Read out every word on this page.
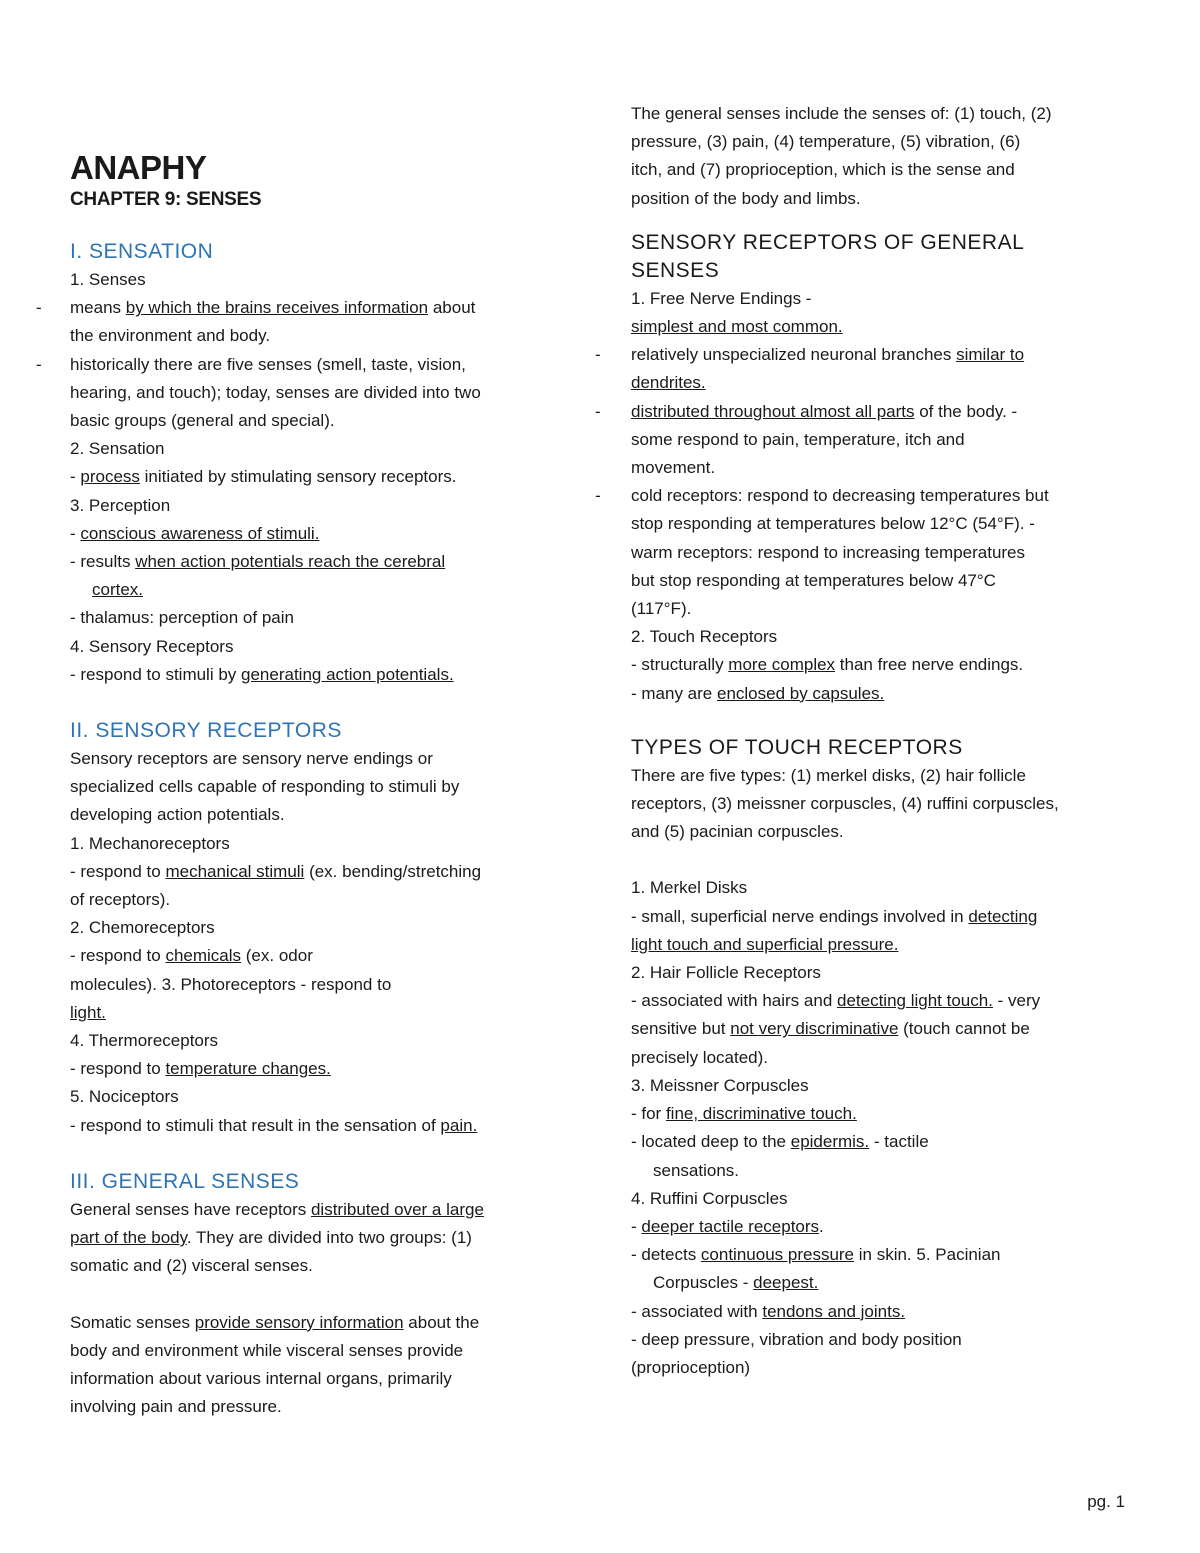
ANAPHY
CHAPTER 9: SENSES
I. SENSATION
1. Senses
- means by which the brains receives information about
the environment and body.
- historically there are five senses (smell, taste, vision,
hearing, and touch); today, senses are divided into two
basic groups (general and special).
2. Sensation
- process initiated by stimulating sensory receptors.
3. Perception
- conscious awareness of stimuli.
- results when action potentials reach the cerebral
cortex.
- thalamus: perception of pain
4. Sensory Receptors
- respond to stimuli by generating action potentials.
II. SENSORY RECEPTORS
Sensory receptors are sensory nerve endings or
specialized cells capable of responding to stimuli by
developing action potentials.
1. Mechanoreceptors
- respond to mechanical stimuli (ex. bending/stretching
of receptors).
2. Chemoreceptors
- respond to chemicals (ex. odor
molecules). 3. Photoreceptors - respond to
light.
4. Thermoreceptors
- respond to temperature changes.
5. Nociceptors
- respond to stimuli that result in the sensation of pain.
III. GENERAL SENSES
General senses have receptors distributed over a large
part of the body. They are divided into two groups: (1)
somatic and (2) visceral senses.
Somatic senses provide sensory information about the
body and environment while visceral senses provide
information about various internal organs, primarily
involving pain and pressure.
The general senses include the senses of: (1) touch, (2)
pressure, (3) pain, (4) temperature, (5) vibration, (6)
itch, and (7) proprioception, which is the sense and
position of the body and limbs.
SENSORY RECEPTORS OF GENERAL
SENSES
1. Free Nerve Endings -
simplest and most common.
- relatively unspecialized neuronal branches similar to
dendrites.
- distributed throughout almost all parts of the body. -
some respond to pain, temperature, itch and
movement.
- cold receptors: respond to decreasing temperatures but
stop responding at temperatures below 12°C (54°F). -
warm receptors: respond to increasing temperatures
but stop responding at temperatures below 47°C
(117°F).
2. Touch Receptors
- structurally more complex than free nerve endings.
- many are enclosed by capsules.
TYPES OF TOUCH RECEPTORS
There are five types: (1) merkel disks, (2) hair follicle
receptors, (3) meissner corpuscles, (4) ruffini corpuscles,
and (5) pacinian corpuscles.
1. Merkel Disks
- small, superficial nerve endings involved in detecting
light touch and superficial pressure.
2. Hair Follicle Receptors
- associated with hairs and detecting light touch. - very
sensitive but not very discriminative (touch cannot be
precisely located).
3. Meissner Corpuscles
- for fine, discriminative touch.
- located deep to the epidermis. - tactile
sensations.
4. Ruffini Corpuscles
- deeper tactile receptors.
- detects continuous pressure in skin. 5. Pacinian
Corpuscles - deepest.
- associated with tendons and joints.
- deep pressure, vibration and body position
(proprioception)
pg. 1
